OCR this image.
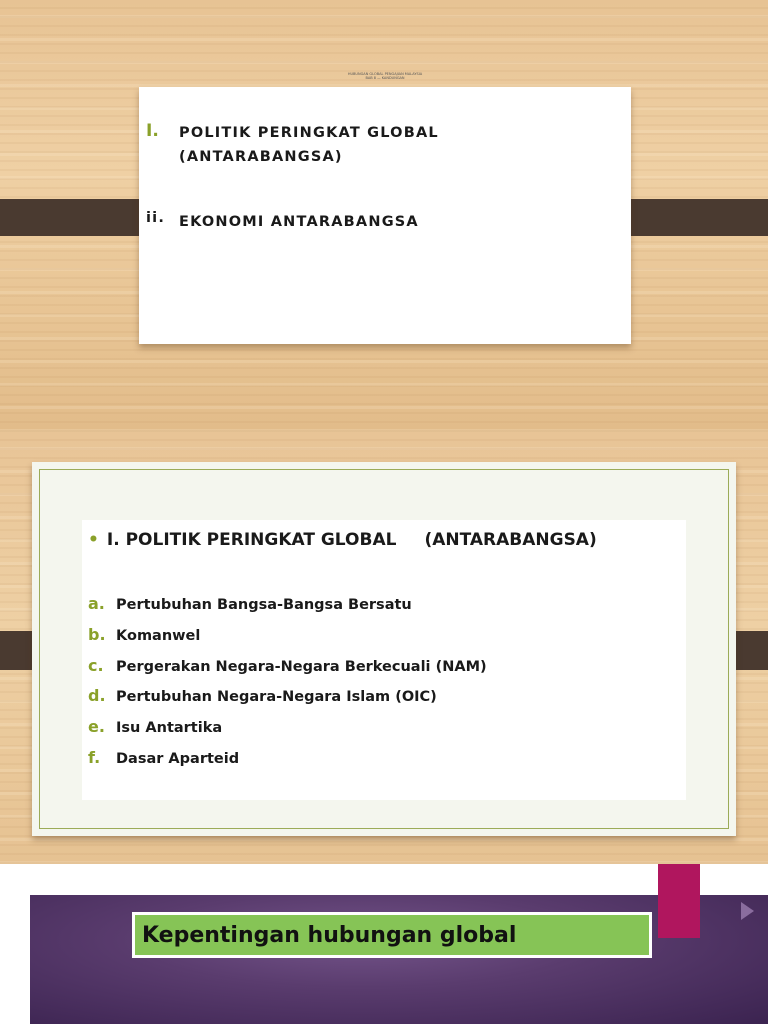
HUBUNGAN GLOBAL PENGAJIAN MALAYSIA
BAB 8 — KANDUNGAN
I.	POLITIK PERINGKAT GLOBAL
(ANTARABANGSA)
ii. EKONOMI ANTARABANGSA
• I. POLITIK PERINGKAT GLOBAL (ANTARABANGSA)
a. Pertubuhan Bangsa-Bangsa Bersatu
b. Komanwel
c. Pergerakan Negara-Negara Berkecuali (NAM)
d. Pertubuhan Negara-Negara Islam (OIC)
e. Isu Antartika
f.	Dasar Aparteid
Kepentingan hubungan global
